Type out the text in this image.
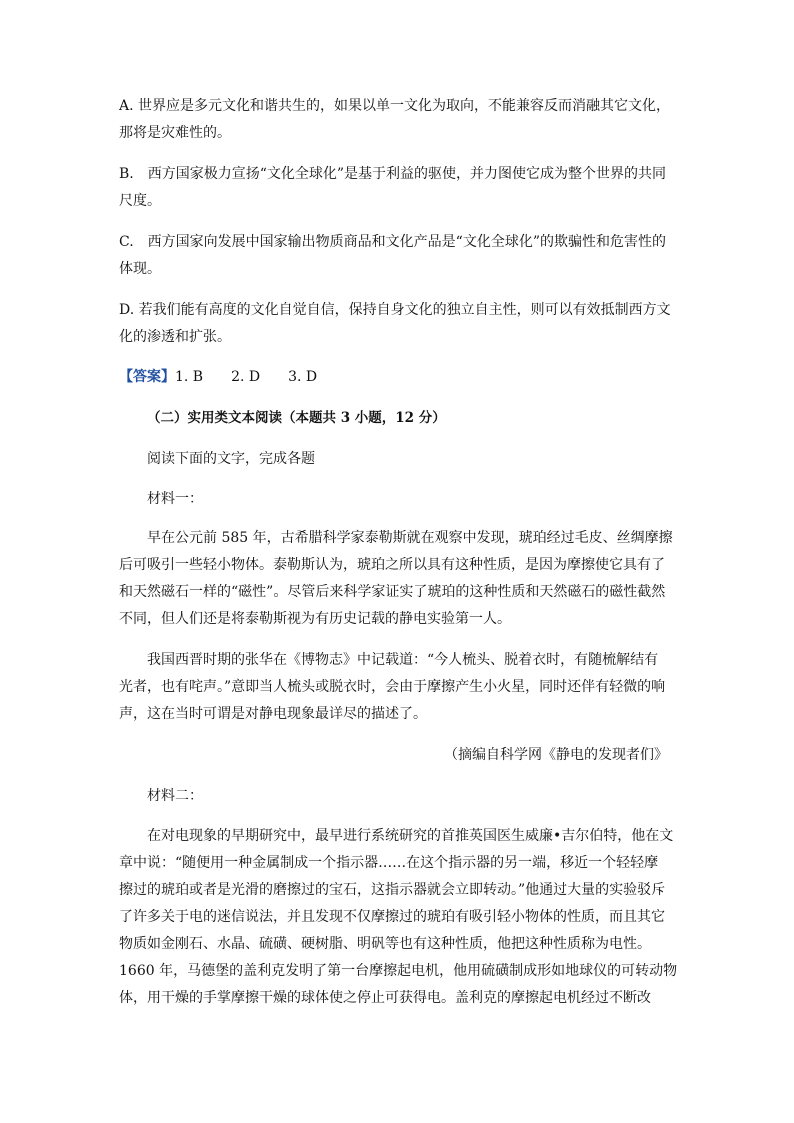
A. 世界应是多元文化和谐共生的，如果以单一文化为取向，不能兼容反而消融其它文化，
那将是灾难性的。
B.　西方国家极力宣扬“文化全球化”是基于利益的驱使，并力图使它成为整个世界的共同
尺度。
C.　西方国家向发展中国家输出物质商品和文化产品是“文化全球化”的欺骗性和危害性的
体现。
D. 若我们能有高度的文化自觉自信，保持自身文化的独立自主性，则可以有效抵制西方文
化的渗透和扩张。
【答案】1. B　　2. D　　3. D
（二）实用类文本阅读（本题共 3 小题，12 分）
阅读下面的文字，完成各题
材料一：
早在公元前 585 年，古希腊科学家泰勒斯就在观察中发现，琥珀经过毛皮、丝绸摩擦
后可吸引一些轻小物体。泰勒斯认为，琥珀之所以具有这种性质，是因为摩擦使它具有了
和天然磁石一样的“磁性”。尽管后来科学家证实了琥珀的这种性质和天然磁石的磁性截然
不同，但人们还是将泰勒斯视为有历史记载的静电实验第一人。
我国西晋时期的张华在《博物志》中记载道：“今人梳头、脱着衣时，有随梳解结有
光者，也有咤声。”意即当人梳头或脱衣时，会由于摩擦产生小火星，同时还伴有轻微的响
声，这在当时可谓是对静电现象最详尽的描述了。
（摘编自科学网《静电的发现者们》
材料二：
在对电现象的早期研究中，最早进行系统研究的首推英国医生威廉•吉尔伯特，他在文
章中说：“随便用一种金属制成一个指示器……在这个指示器的另一端，移近一个轻轻摩
擦过的琥珀或者是光滑的磨擦过的宝石，这指示器就会立即转动。”他通过大量的实验驳斥
了许多关于电的迷信说法，并且发现不仅摩擦过的琥珀有吸引轻小物体的性质，而且其它
物质如金刚石、水晶、硫磺、硬树脂、明矾等也有这种性质，他把这种性质称为电性。
1660 年，马德堡的盖利克发明了第一台摩擦起电机，他用硫磺制成形如地球仪的可转动物
体，用干燥的手掌摩擦干燥的球体使之停止可获得电。盖利克的摩擦起电机经过不断改
